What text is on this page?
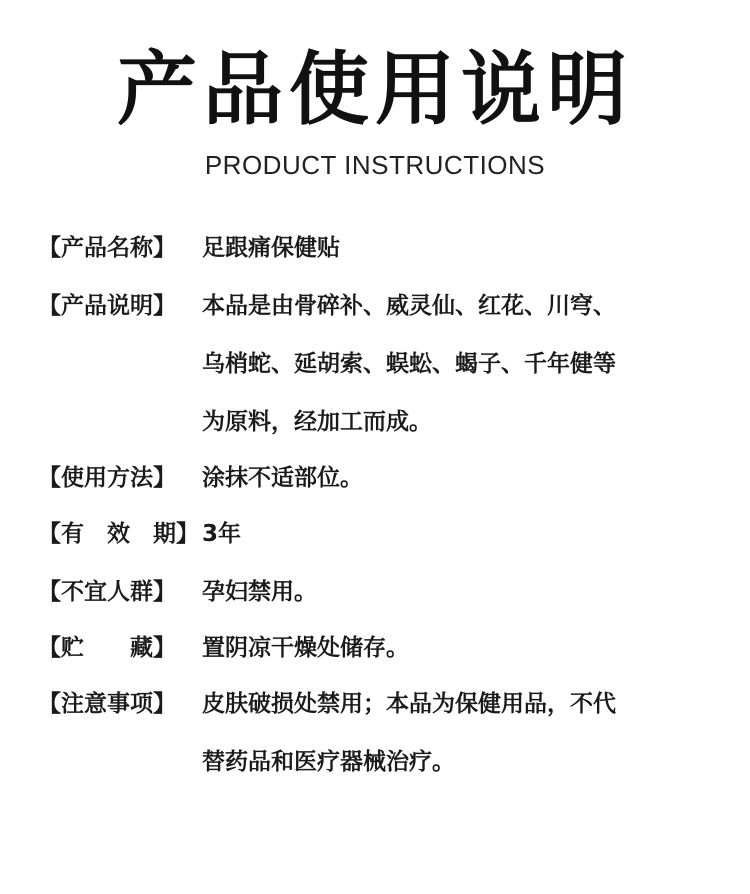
产品使用说明
PRODUCT INSTRUCTIONS
【产品名称】	足跟痛保健贴
【产品说明】	本品是由骨碎补、威灵仙、红花、川穹、
乌梢蛇、延胡索、蜈蚣、蝎子、千年健等
为原料，经加工而成。
【使用方法】	涂抹不适部位。
【有　效　期】 3年
【不宜人群】	孕妇禁用。
【贮　　藏】	置阴凉干燥处储存。
【注意事项】	皮肤破损处禁用；本品为保健用品，不代
替药品和医疗器械治疗。
